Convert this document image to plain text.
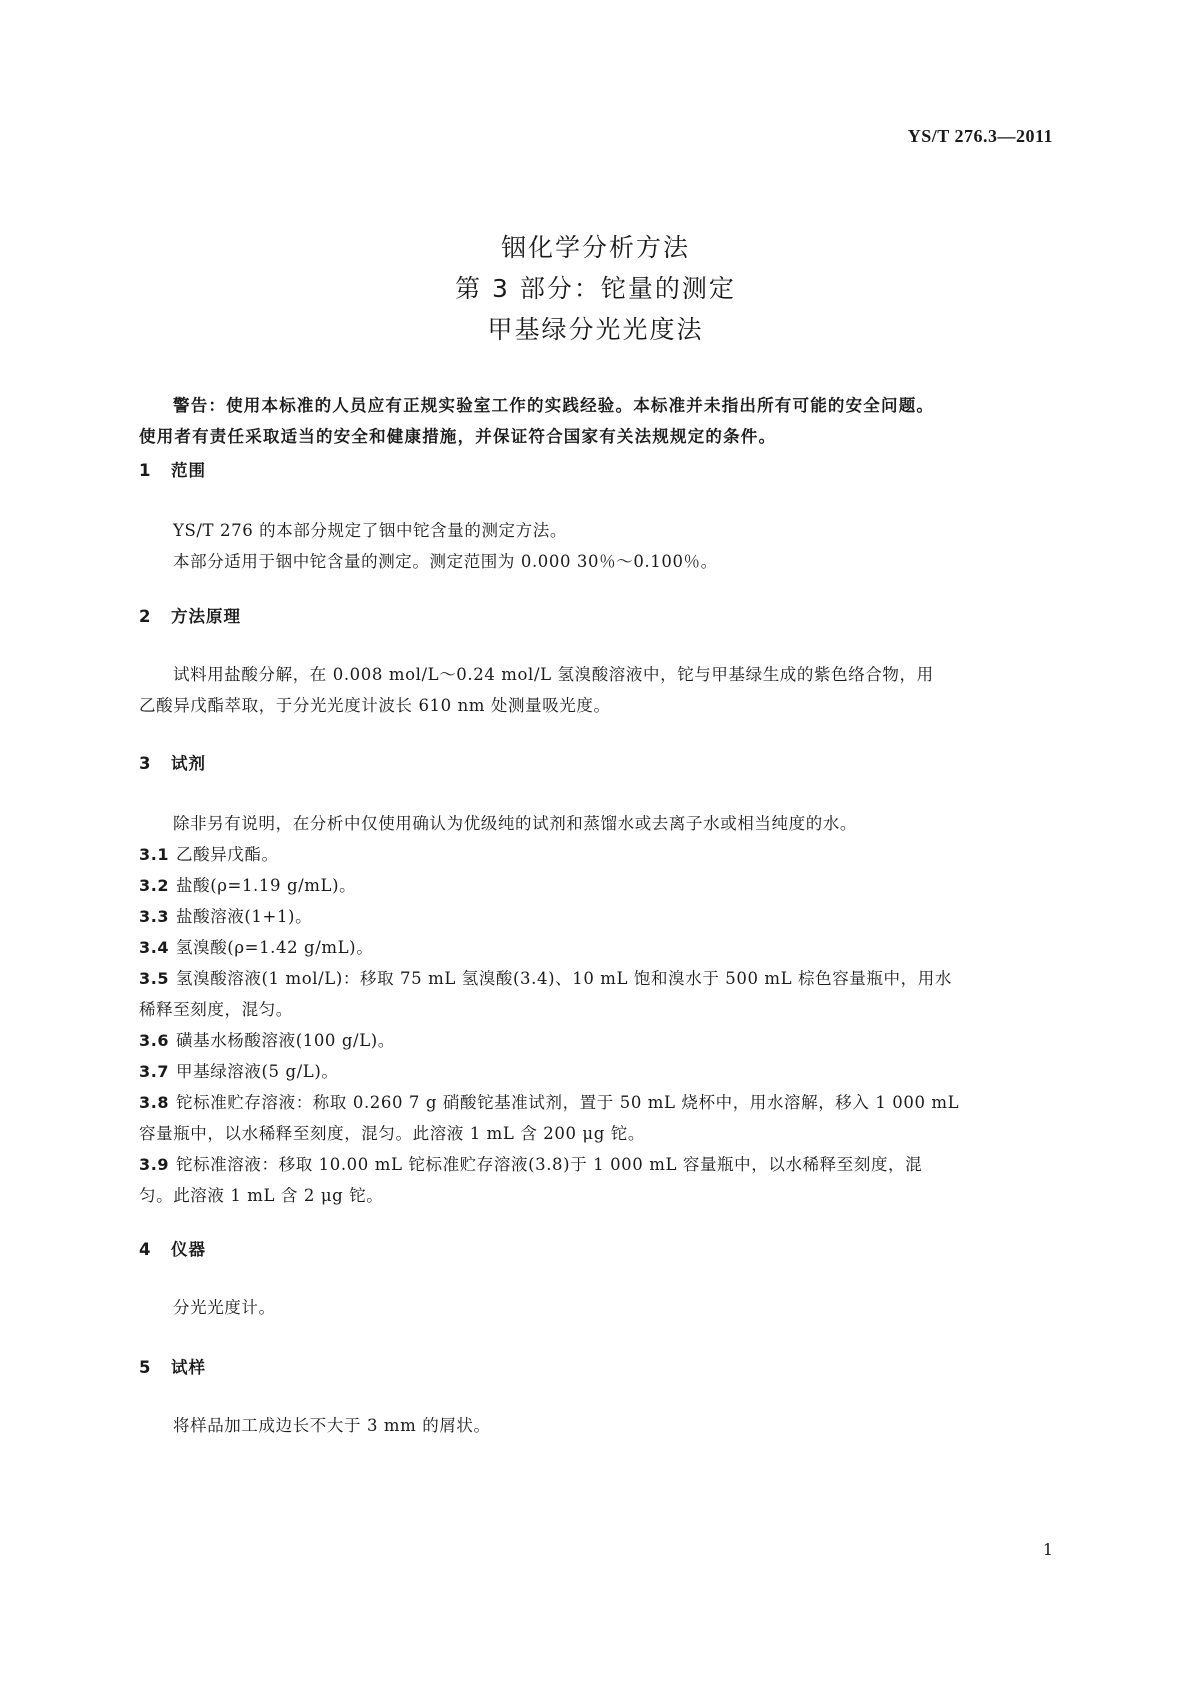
YS/T 276.3—2011
铟化学分析方法
第 3 部分：铊量的测定
甲基绿分光光度法
警告：使用本标准的人员应有正规实验室工作的实践经验。本标准并未指出所有可能的安全问题。
使用者有责任采取适当的安全和健康措施，并保证符合国家有关法规规定的条件。
1 范围
YS/T 276 的本部分规定了铟中铊含量的测定方法。
本部分适用于铟中铊含量的测定。测定范围为 0.000 30％～0.100％。
2 方法原理
试料用盐酸分解，在 0.008 mol/L～0.24 mol/L 氢溴酸溶液中，铊与甲基绿生成的紫色络合物，用
乙酸异戊酯萃取，于分光光度计波长 610 nm 处测量吸光度。
3 试剂
除非另有说明，在分析中仅使用确认为优级纯的试剂和蒸馏水或去离子水或相当纯度的水。
3.1 乙酸异戊酯。
3.2 盐酸(ρ=1.19 g/mL)。
3.3 盐酸溶液(1+1)。
3.4 氢溴酸(ρ=1.42 g/mL)。
3.5 氢溴酸溶液(1 mol/L)：移取 75 mL 氢溴酸(3.4)、10 mL 饱和溴水于 500 mL 棕色容量瓶中，用水
稀释至刻度，混匀。
3.6 磺基水杨酸溶液(100 g/L)。
3.7 甲基绿溶液(5 g/L)。
3.8 铊标准贮存溶液：称取 0.260 7 g 硝酸铊基准试剂，置于 50 mL 烧杯中，用水溶解，移入 1 000 mL
容量瓶中，以水稀释至刻度，混匀。此溶液 1 mL 含 200 μg 铊。
3.9 铊标准溶液：移取 10.00 mL 铊标准贮存溶液(3.8)于 1 000 mL 容量瓶中，以水稀释至刻度，混
匀。此溶液 1 mL 含 2 μg 铊。
4 仪器
分光光度计。
5 试样
将样品加工成边长不大于 3 mm 的屑状。
1
